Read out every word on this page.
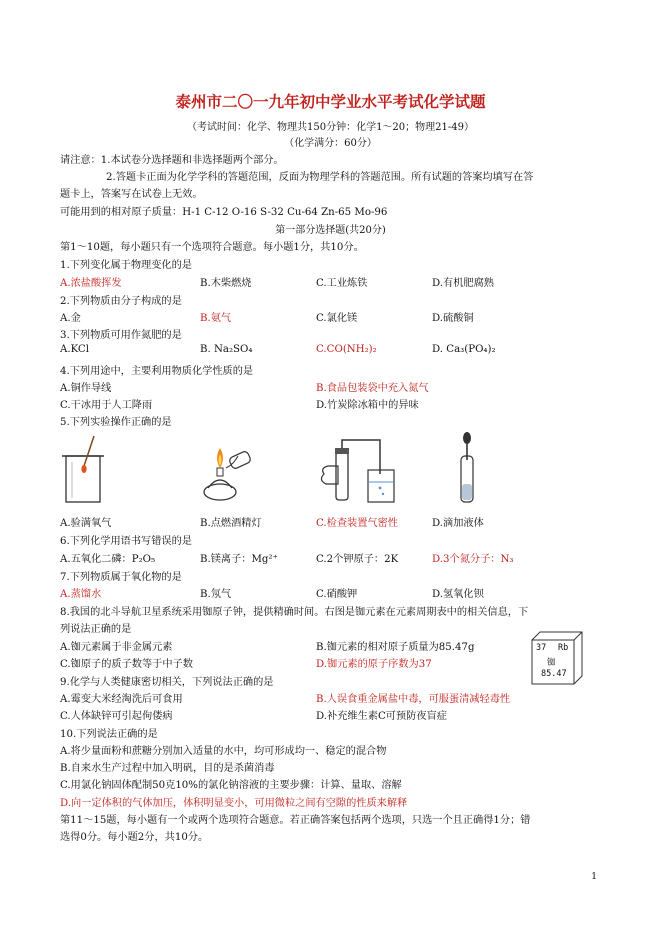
泰州市二〇一九年初中学业水平考试化学试题
（考试时间：化学、物理共150分钟：化学1～20；物理21-49）
（化学满分：60分）
请注意：1.本试卷分选择题和非选择题两个部分。
2.答题卡正面为化学学科的答题范围，反面为物理学科的答题范围。所有试题的答案均填写在答
题卡上，答案写在试卷上无效。
可能用到的相对原子质量：H-1 C-12 O-16 S-32 Cu-64 Zn-65 Mo-96
第一部分选择题(共20分)
第1～10题，每小题只有一个选项符合题意。每小题1分，共10分。
1.下列变化属于物理变化的是
A.浓盐酸挥发	B.木柴燃烧	C.工业炼铁	D.有机肥腐熟
2.下列物质由分子构成的是
A.金	B.氨气	C.氯化镁	D.硫酸铜
3.下列物质可用作氮肥的是
A.KCl	B. Na₂SO₄	C.CO(NH₂)₂	D. Ca₃(PO₄)₂
4.下列用途中，主要利用物质化学性质的是
A.铜作导线	B.食品包装袋中充入氮气
C.干冰用于人工降雨	D.竹炭除冰箱中的异味
5.下列实验操作正确的是
A.验满氧气	B.点燃酒精灯	C.检查装置气密性	D.滴加液体
6.下列化学用语书写错误的是
A.五氧化二磷：P₂O₅	B.镁离子：Mg²⁺	C.2个钾原子：2K	D.3个氮分子：N₃
7.下列物质属于氧化物的是
A.蒸馏水	B.氖气	C.硝酸钾	D.氢氧化钡
8.我国的北斗导航卫星系统采用铷原子钟，提供精确时间。右图是铷元素在元素周期表中的相关信息，下
列说法正确的是
A.铷元素属于非金属元素	B.铷元素的相对原子质量为85.47g
C.铷原子的质子数等于中子数	D.铷元素的原子序数为37
37 Rb
铷
85.47
9.化学与人类健康密切相关，下列说法正确的是
A.霉变大米经淘洗后可食用	B.人误食重金属盐中毒，可服蛋清减轻毒性
C.人体缺锌可引起佝偻病	D.补充维生素C可预防夜盲症
10.下列说法正确的是
A.将少量面粉和蔗糖分别加入适量的水中，均可形成均一、稳定的混合物
B.自来水生产过程中加入明矾，目的是杀菌消毒
C.用氯化钠固体配制50克10%的氯化钠溶液的主要步骤：计算、量取、溶解
D.向一定体积的气体加压，体积明显变小，可用微粒之间有空隙的性质来解释
第11～15题，每小题有一个或两个选项符合题意。若正确答案包括两个选项，只选一个且正确得1分；错
选得0分。每小题2分，共10分。
1
